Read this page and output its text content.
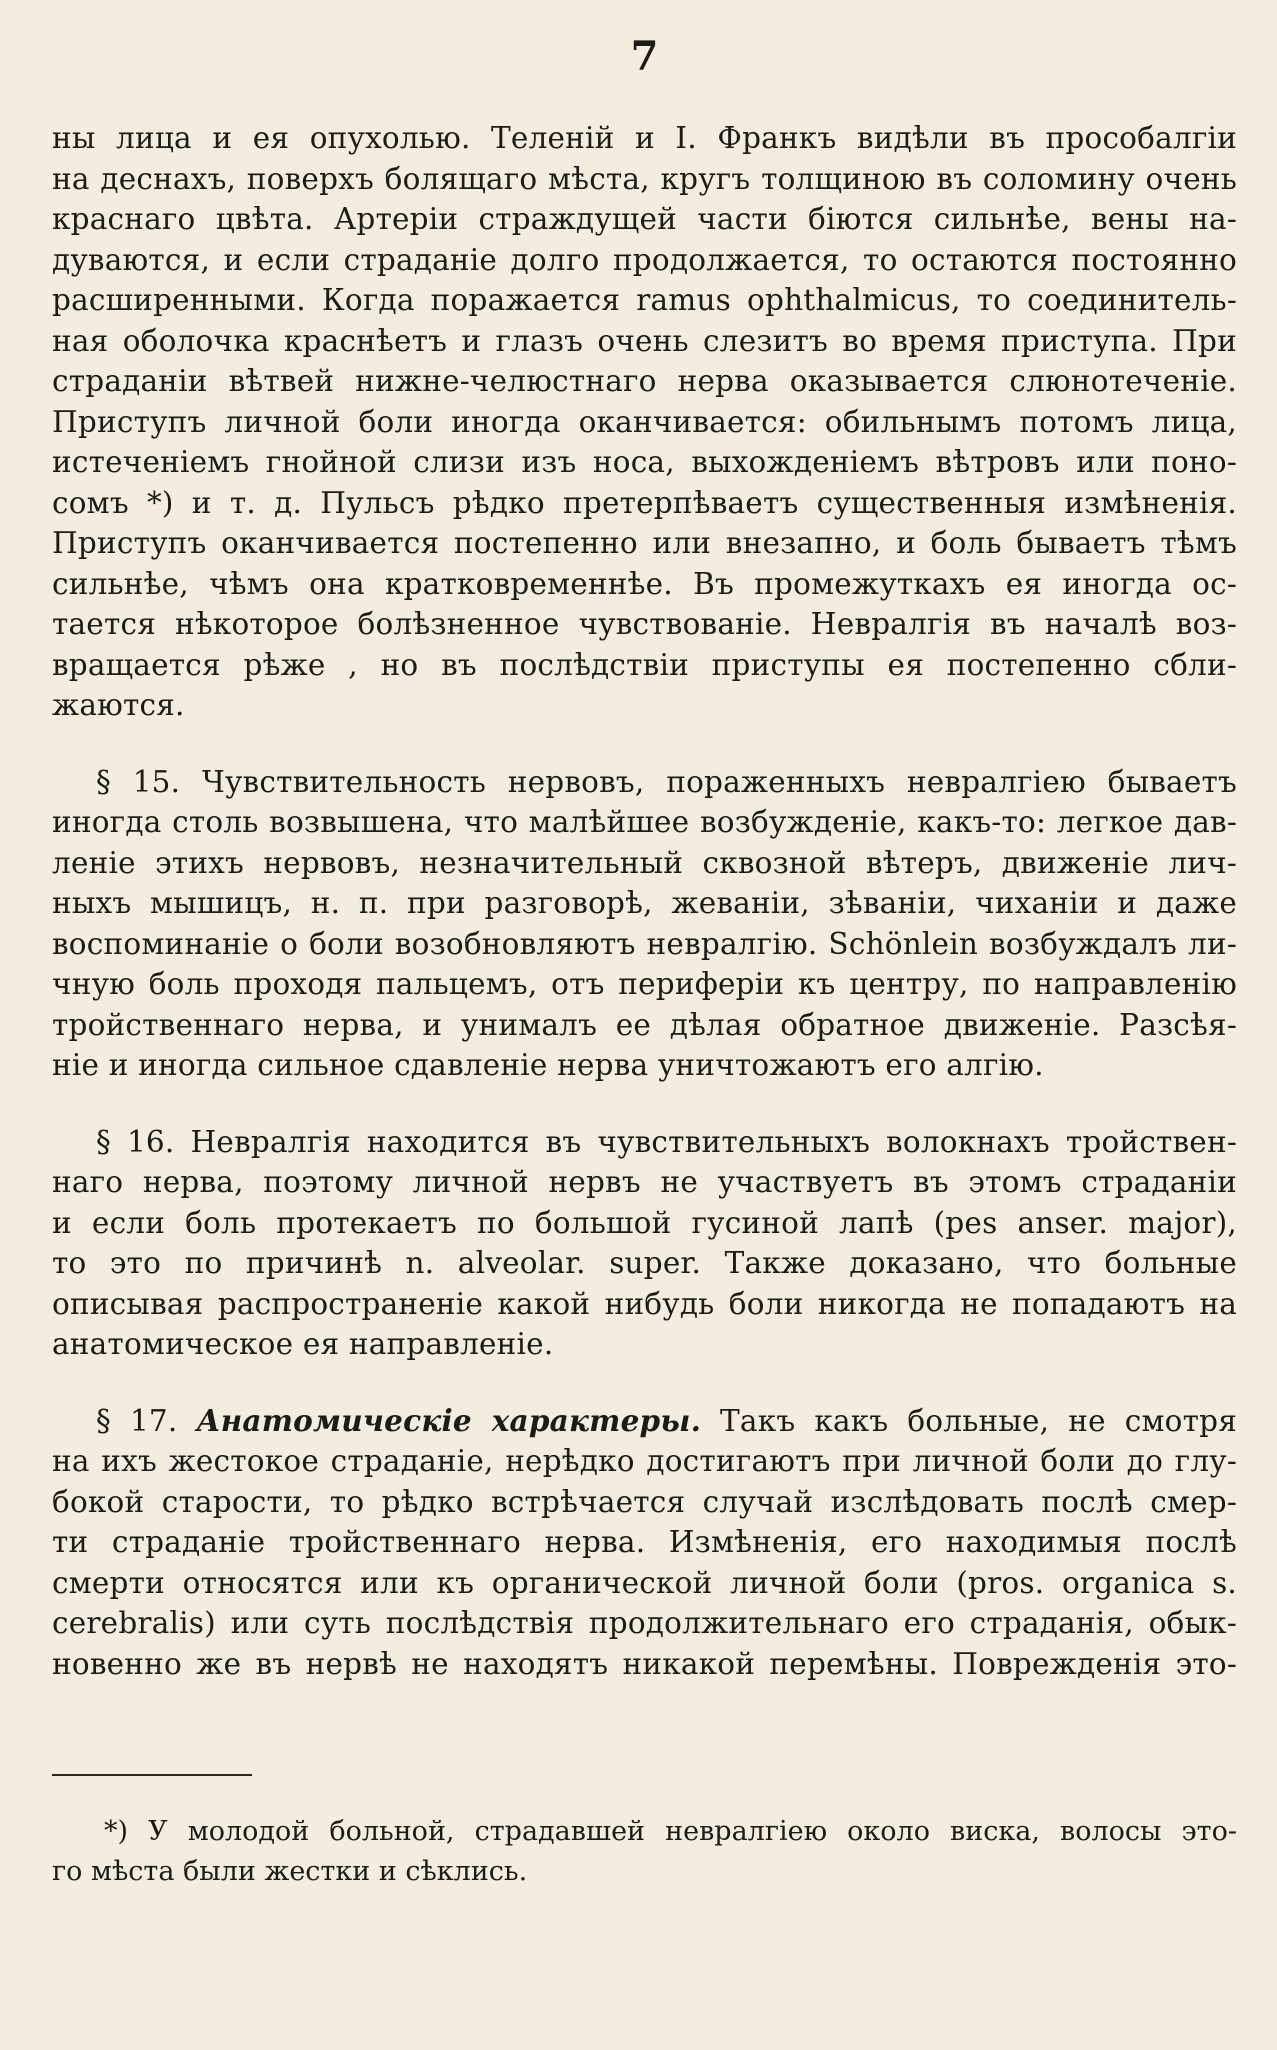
7
ны лица и ея опухолью. Теленій и І. Франкъ видѣли въ прособалгіи
на деснахъ, поверхъ болящаго мѣста, кругъ толщиною въ соломину очень
краснаго цвѣта. Артеріи страждущей части біются сильнѣе, вены на-
дуваются, и если страданіе долго продолжается, то остаются постоянно
расширенными. Когда поражается ramus ophthalmicus, то соединитель-
ная оболочка краснѣетъ и глазъ очень слезитъ во время приступа. При
страданіи вѣтвей нижне-челюстнаго нерва оказывается слюнотеченіе.
Приступъ личной боли иногда оканчивается: обильнымъ потомъ лица,
истеченіемъ гнойной слизи изъ носа, выхожденіемъ вѣтровъ или поно-
сомъ *) и т. д. Пульсъ рѣдко претерпѣваетъ существенныя измѣненія.
Приступъ оканчивается постепенно или внезапно, и боль бываетъ тѣмъ
сильнѣе, чѣмъ она кратковременнѣе. Въ промежуткахъ ея иногда ос-
тается нѣкоторое болѣзненное чувствованіе. Невралгія въ началѣ воз-
вращается рѣже , но въ послѣдствіи приступы ея постепенно сбли-
жаются.
§ 15. Чувствительность нервовъ, пораженныхъ невралгіею бываетъ
иногда столь возвышена, что малѣйшее возбужденіе, какъ-то: легкое дав-
леніе этихъ нервовъ, незначительный сквозной вѣтеръ, движеніе лич-
ныхъ мышицъ, н. п. при разговорѣ, жеваніи, зѣваніи, чиханіи и даже
воспоминаніе о боли возобновляютъ невралгію. Schönlein возбуждалъ ли-
чную боль проходя пальцемъ, отъ периферіи къ центру, по направленію
тройственнаго нерва, и унималъ ее дѣлая обратное движеніе. Разсѣя-
ніе и иногда сильное сдавленіе нерва уничтожаютъ его алгію.
§ 16. Невралгія находится въ чувствительныхъ волокнахъ тройствен-
наго нерва, поэтому личной нервъ не участвуетъ въ этомъ страданіи
и если боль протекаетъ по большой гусиной лапѣ (pes anser. major),
то это по причинѣ n. alveolar. super. Также доказано, что больные
описывая распространеніе какой нибудь боли никогда не попадаютъ на
анатомическое ея направленіе.
§ 17. Анатомическіе характеры. Такъ какъ больные, не смотря
на ихъ жестокое страданіе, нерѣдко достигаютъ при личной боли до глу-
бокой старости, то рѣдко встрѣчается случай изслѣдовать послѣ смер-
ти страданіе тройственнаго нерва. Измѣненія, его находимыя послѣ
смерти относятся или къ органической личной боли (pros. organica s.
cerebralis) или суть послѣдствія продолжительнаго его страданія, обык-
новенно же въ нервѣ не находятъ никакой перемѣны. Поврежденія это-
*) У молодой больной, страдавшей невралгіею около виска, волосы это-
го мѣста были жестки и сѣклись.
